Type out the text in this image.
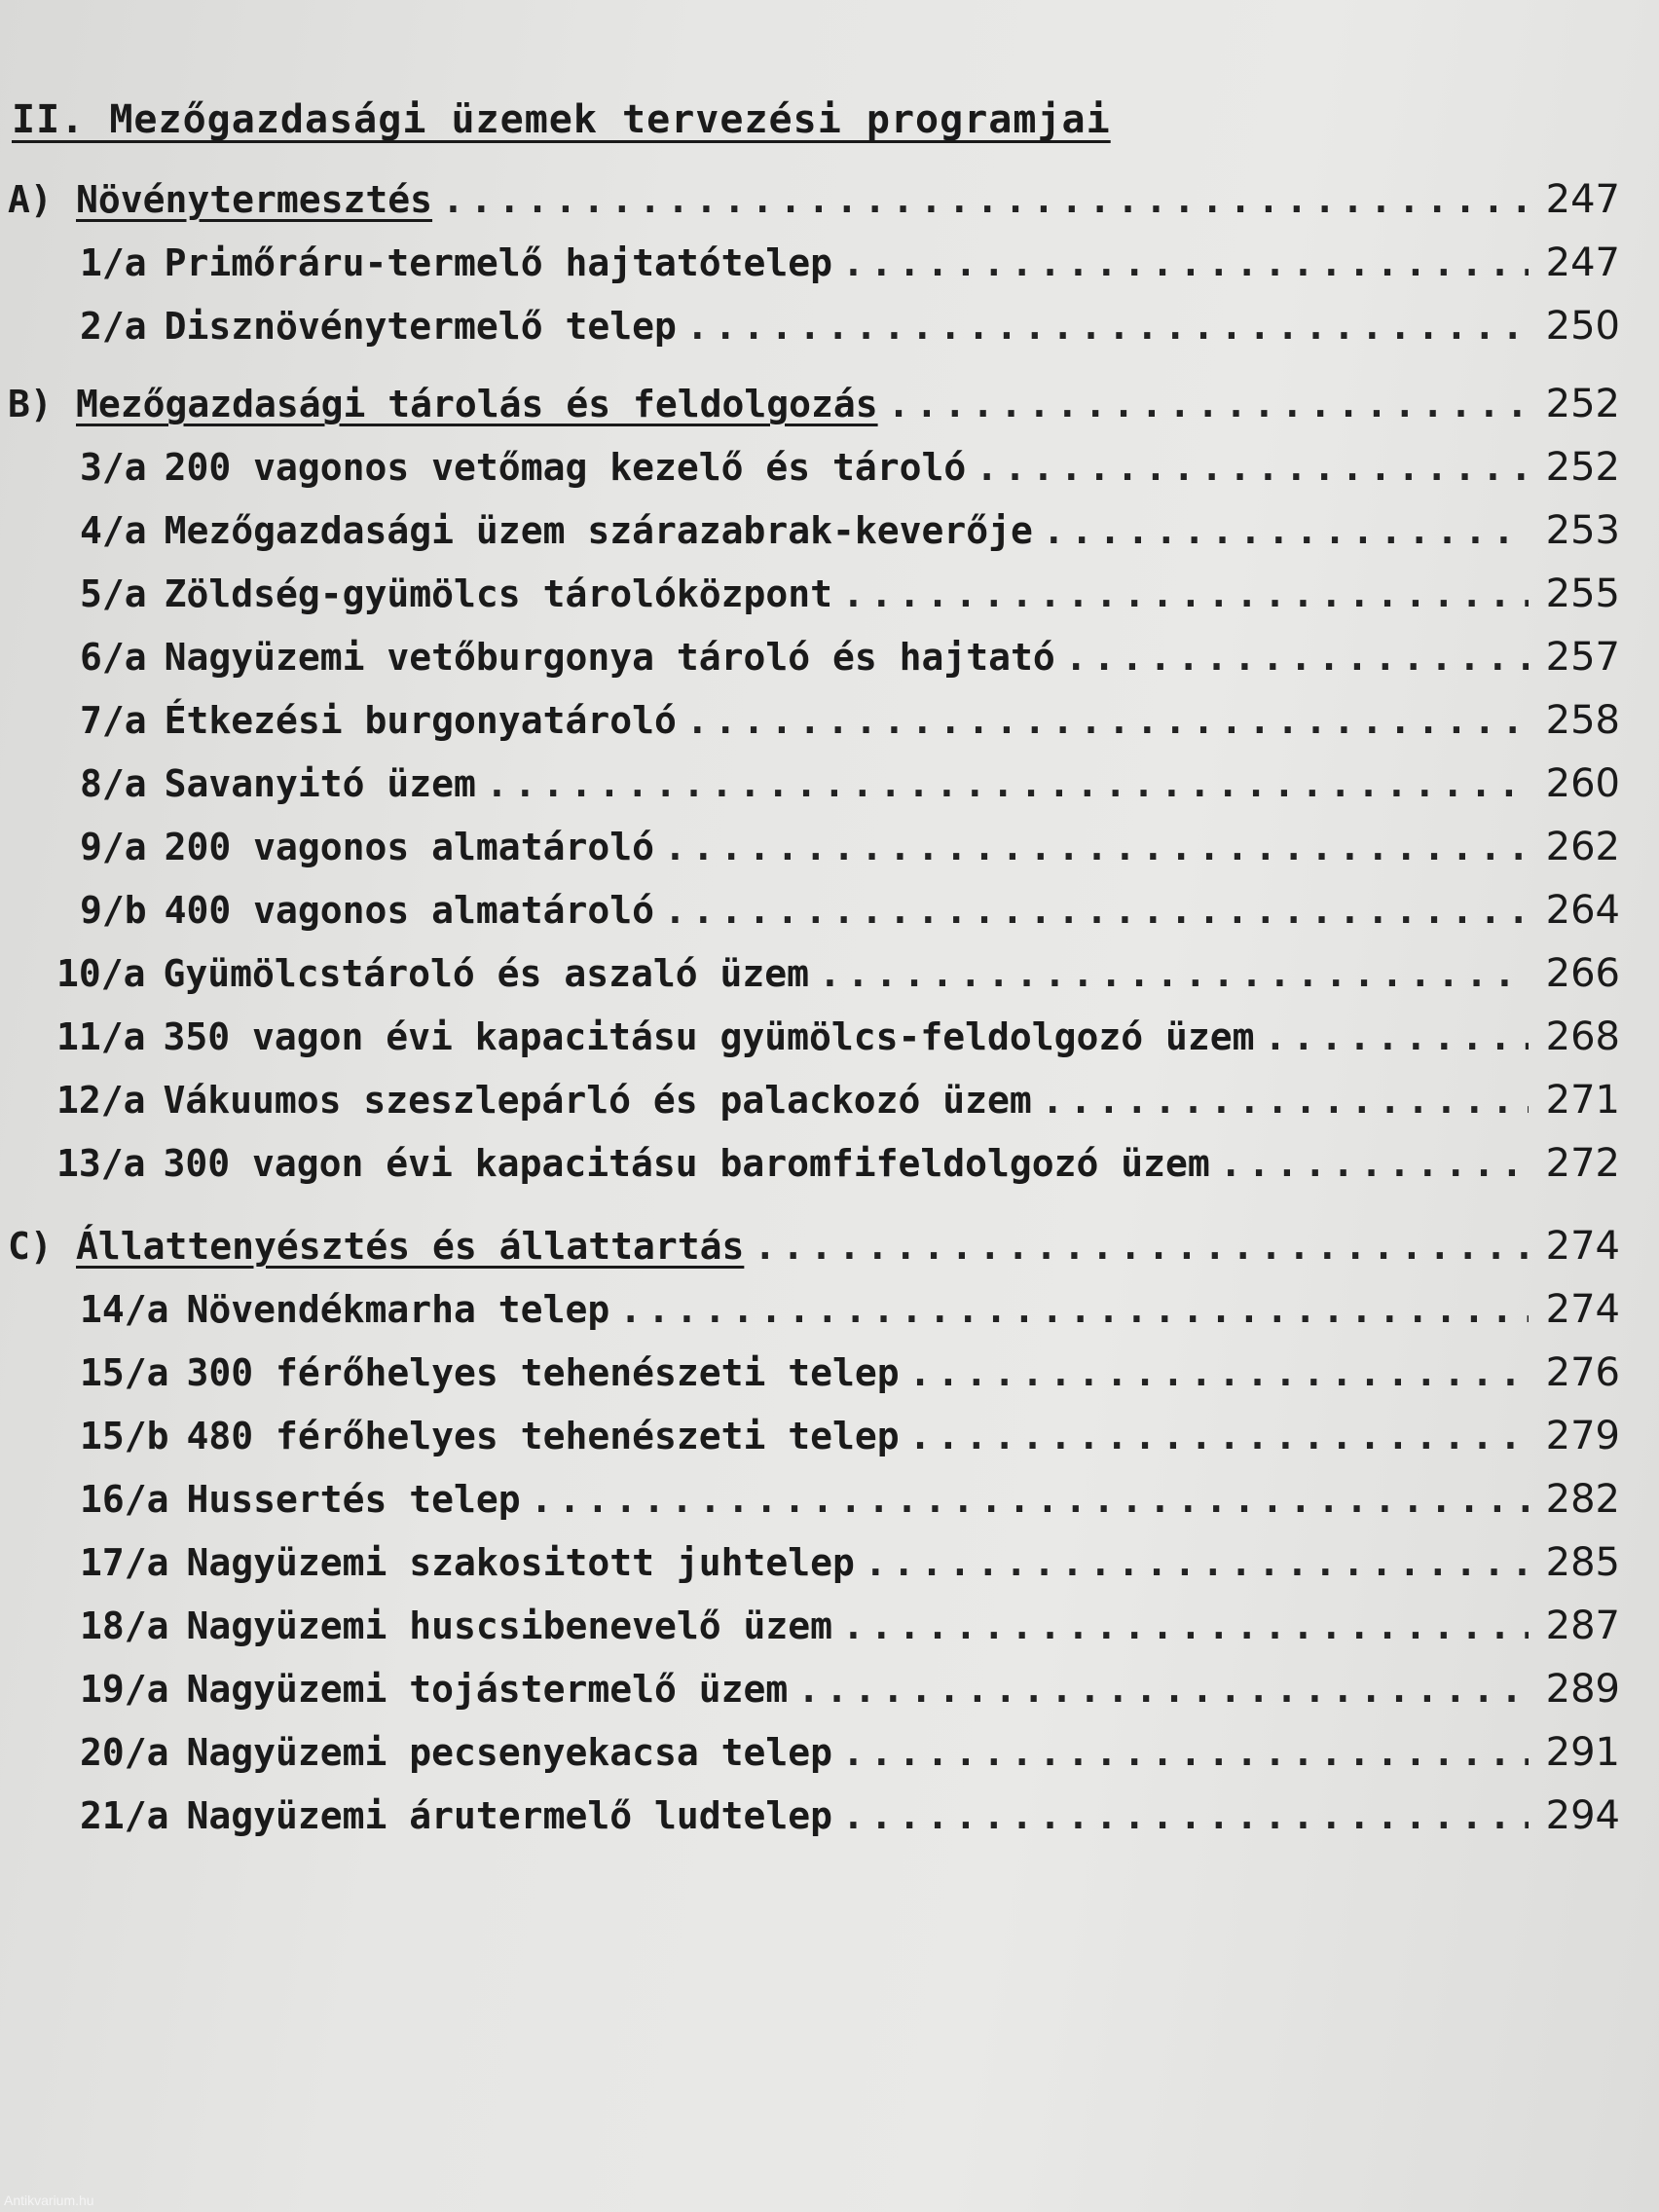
II. Mezőgazdasági üzemek tervezési programjai
A) Növénytermesztés .....	247
1/a Primőráru-termelő hajtatótelep .....	247
2/a Disznövénytermelő telep .....	250
B) Mezőgazdasági tárolás és feldolgozás .....	252
3/a 200 vagonos vetőmag kezelő és tároló .....	252
4/a Mezőgazdasági üzem szárazabrak-keverője .....	253
5/a Zöldség-gyümölcs tárolóközpont .....	255
6/a Nagyüzemi vetőburgonya tároló és hajtató .....	257
7/a Étkezési burgonyatároló .....	258
8/a Savanyitó üzem .....	260
9/a 200 vagonos almatároló .....	262
9/b 400 vagonos almatároló .....	264
10/a Gyümölcstároló és aszaló üzem .....	266
11/a 350 vagon évi kapacitásu gyümölcs-feldolgozó üzem .....	268
12/a Vákuumos szeszlepárló és palackozó üzem .....	271
13/a 300 vagon évi kapacitásu baromfifeldolgozó üzem .....	272
C) Állattenyésztés és állattartás .....	274
14/a Növendékmarha telep .....	274
15/a 300 férőhelyes tehenészeti telep .....	276
15/b 480 férőhelyes tehenészeti telep .....	279
16/a Hussertés telep .....	282
17/a Nagyüzemi szakositott juhtelep .....	285
18/a Nagyüzemi huscsibenevelő üzem .....	287
19/a Nagyüzemi tojástermelő üzem .....	289
20/a Nagyüzemi pecsenyekacsa telep .....	291
21/a Nagyüzemi árutermelő ludtelep .....	294
Antikvarium.hu
